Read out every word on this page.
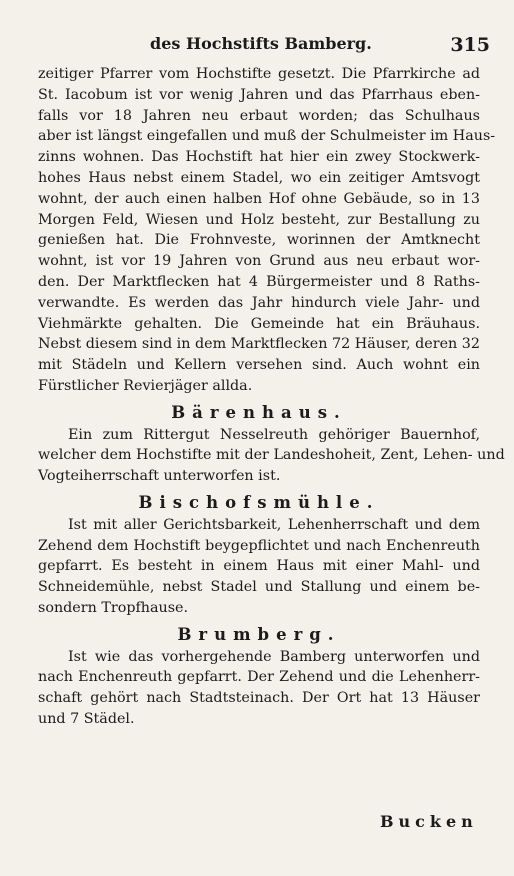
des Hochstifts Bamberg.	315
zeitiger Pfarrer vom Hochstifte gesetzt. Die Pfarrkirche ad
St. Iacobum ist vor wenig Jahren und das Pfarrhaus eben-
falls vor 18 Jahren neu erbaut worden; das Schulhaus
aber ist längst eingefallen und muß der Schulmeister im Haus-
zinns wohnen. Das Hochstift hat hier ein zwey Stockwerk-
hohes Haus nebst einem Stadel, wo ein zeitiger Amtsvogt
wohnt, der auch einen halben Hof ohne Gebäude, so in 13
Morgen Feld, Wiesen und Holz besteht, zur Bestallung zu
genießen hat. Die Frohnveste, worinnen der Amtknecht
wohnt, ist vor 19 Jahren von Grund aus neu erbaut wor-
den. Der Marktflecken hat 4 Bürgermeister und 8 Raths-
verwandte. Es werden das Jahr hindurch viele Jahr- und
Viehmärkte gehalten. Die Gemeinde hat ein Bräuhaus.
Nebst diesem sind in dem Marktflecken 72 Häuser, deren 32
mit Städeln und Kellern versehen sind. Auch wohnt ein
Fürstlicher Revierjäger allda.
Bärenhaus.
Ein zum Rittergut Nesselreuth gehöriger Bauernhof,
welcher dem Hochstifte mit der Landeshoheit, Zent, Lehen- und
Vogteiherrschaft unterworfen ist.
Bischofsmühle.
Ist mit aller Gerichtsbarkeit, Lehenherrschaft und dem
Zehend dem Hochstift beygepflichtet und nach Enchenreuth
gepfarrt. Es besteht in einem Haus mit einer Mahl- und
Schneidemühle, nebst Stadel und Stallung und einem be-
sondern Tropfhause.
Brumberg.
Ist wie das vorhergehende Bamberg unterworfen und
nach Enchenreuth gepfarrt. Der Zehend und die Lehenherr-
schaft gehört nach Stadtsteinach. Der Ort hat 13 Häuser
und 7 Städel.
Bucken
